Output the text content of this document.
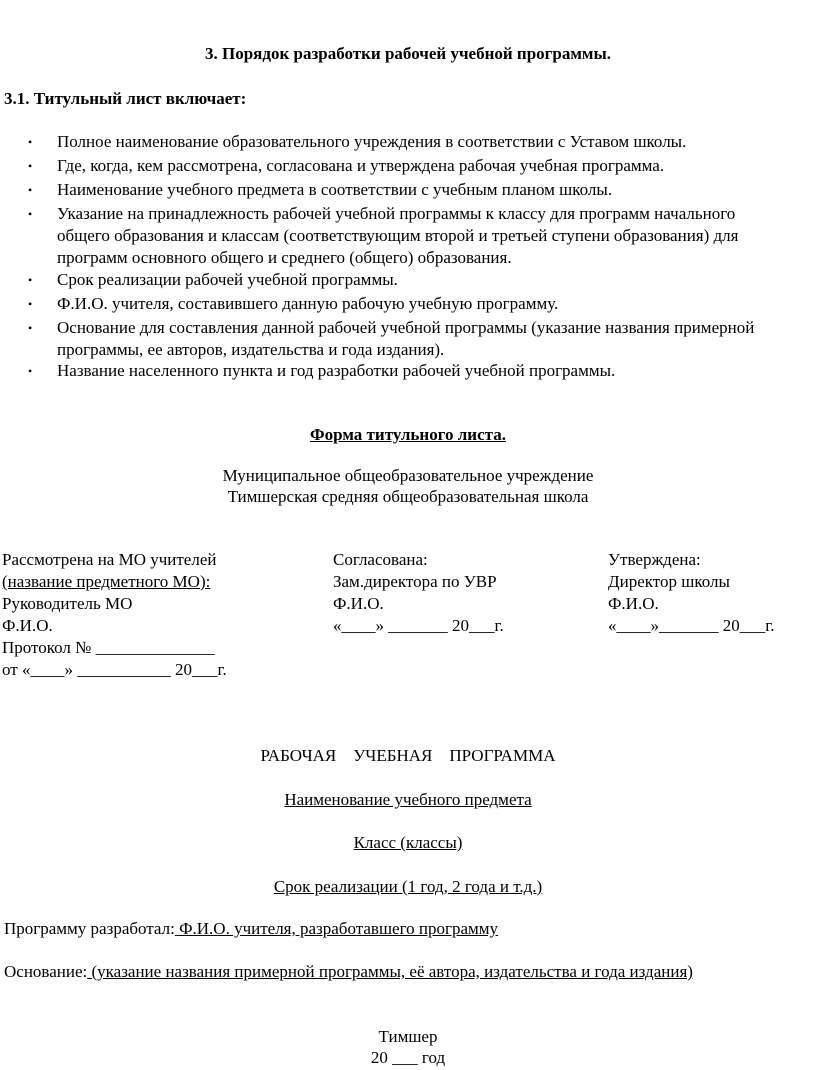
3. Порядок разработки рабочей учебной программы.
3.1. Титульный лист включает:
• Полное наименование образовательного учреждения в соответствии с Уставом школы.
• Где, когда, кем рассмотрена, согласована и утверждена рабочая учебная программа.
• Наименование учебного предмета в соответствии с учебным планом школы.
• Указание на принадлежность рабочей учебной программы к классу для программ начального
общего образования и классам (соответствующим второй и третьей ступени образования) для
программ основного общего и среднего (общего) образования.
• Срок реализации рабочей учебной программы.
• Ф.И.О. учителя, составившего данную рабочую учебную программу.
• Основание для составления данной рабочей учебной программы (указание названия примерной
программы, ее авторов, издательства и года издания).
• Название населенного пункта и год разработки рабочей учебной программы.
Форма титульного листа.
Муниципальное общеобразовательное учреждение
Тимшерская средняя общеобразовательная школа
Рассмотрена на МО учителей
(название предметного МО):
Руководитель МО
Ф.И.О.
Протокол № ______________
от «____» ___________ 20___г.
Согласована:
Зам.директора по УВР
Ф.И.О.
«____» _______ 20___г.
Утверждена:
Директор школы
Ф.И.О.
«____»_______ 20___г.
РАБОЧАЯ    УЧЕБНАЯ    ПРОГРАММА
Наименование учебного предмета
Класс (классы)
Срок реализации (1 год, 2 года и т.д.)
Программу разработал: Ф.И.О. учителя, разработавшего программу
Основание: (указание названия примерной программы, её автора, издательства и года издания)
Тимшер
20 ___ год
